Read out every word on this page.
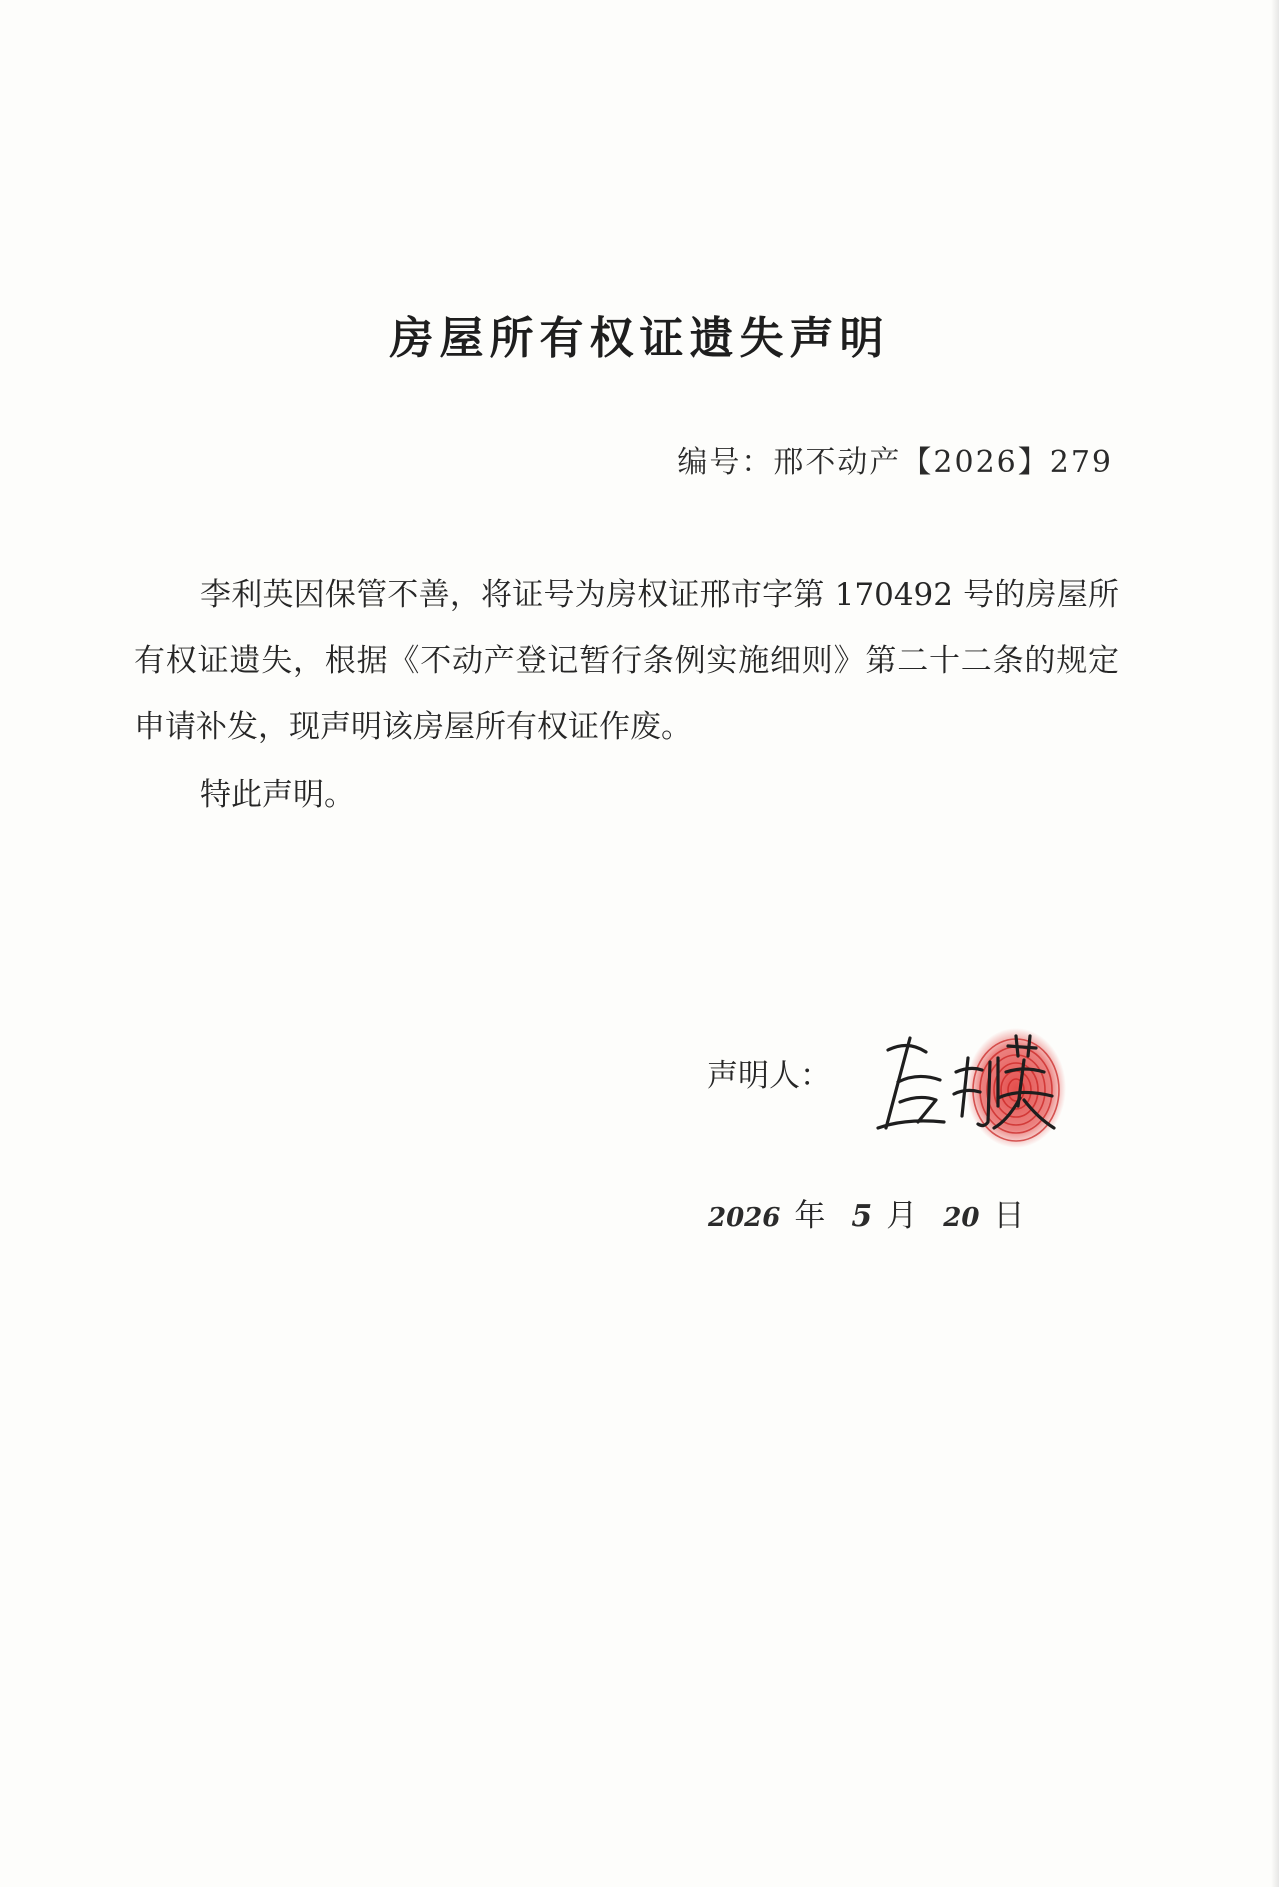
房屋所有权证遗失声明
编号：邢不动产【2026】279

李利英因保管不善，将证号为房权证邢市字第 170492 号的房屋所有权证遗失，根据《不动产登记暂行条例实施细则》第二十二条的规定申请补发，现声明该房屋所有权证作废。

特此声明。

声明人：
2026 年 5 月 20 日
